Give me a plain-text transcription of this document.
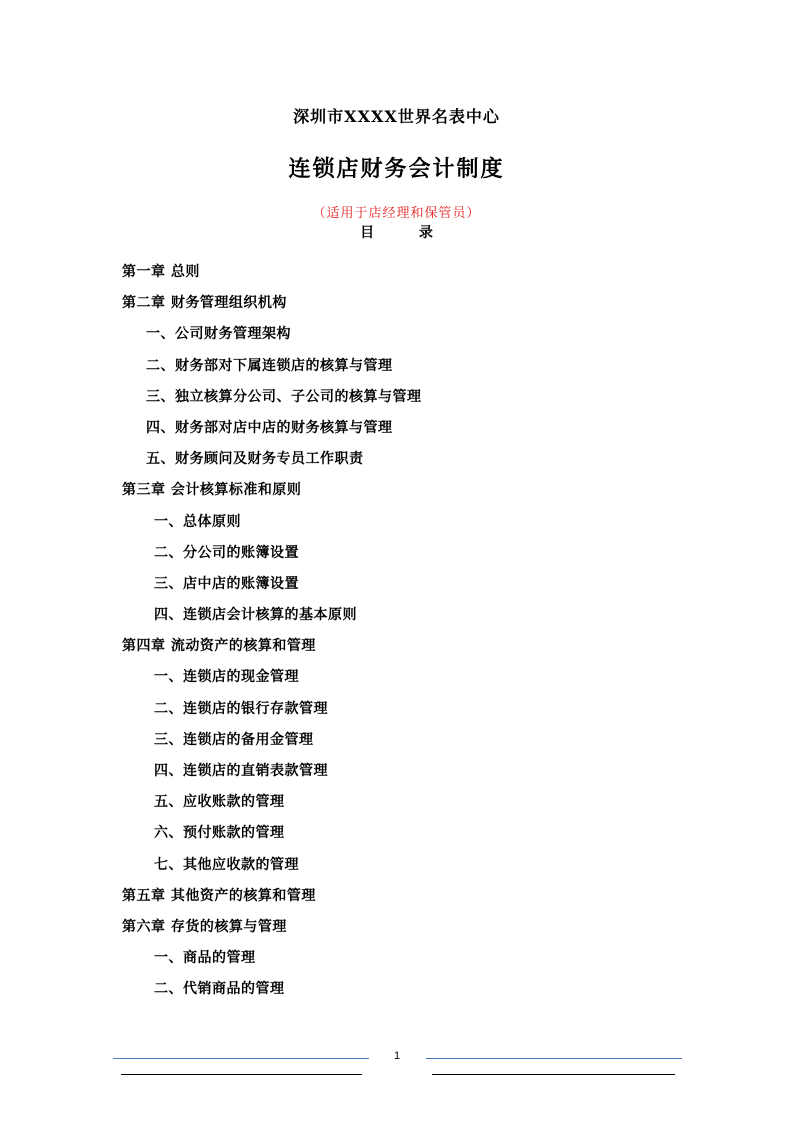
深圳市XXXX世界名表中心
连锁店财务会计制度
（适用于店经理和保管员）
目 录
第一章 总则
第二章 财务管理组织机构
一、公司财务管理架构
二、财务部对下属连锁店的核算与管理
三、独立核算分公司、子公司的核算与管理
四、财务部对店中店的财务核算与管理
五、财务顾问及财务专员工作职责
第三章 会计核算标准和原则
一、总体原则
二、分公司的账簿设置
三、店中店的账簿设置
四、连锁店会计核算的基本原则
第四章 流动资产的核算和管理
一、连锁店的现金管理
二、连锁店的银行存款管理
三、连锁店的备用金管理
四、连锁店的直销表款管理
五、应收账款的管理
六、预付账款的管理
七、其他应收款的管理
第五章 其他资产的核算和管理
第六章 存货的核算与管理
一、商品的管理
二、代销商品的管理
1
